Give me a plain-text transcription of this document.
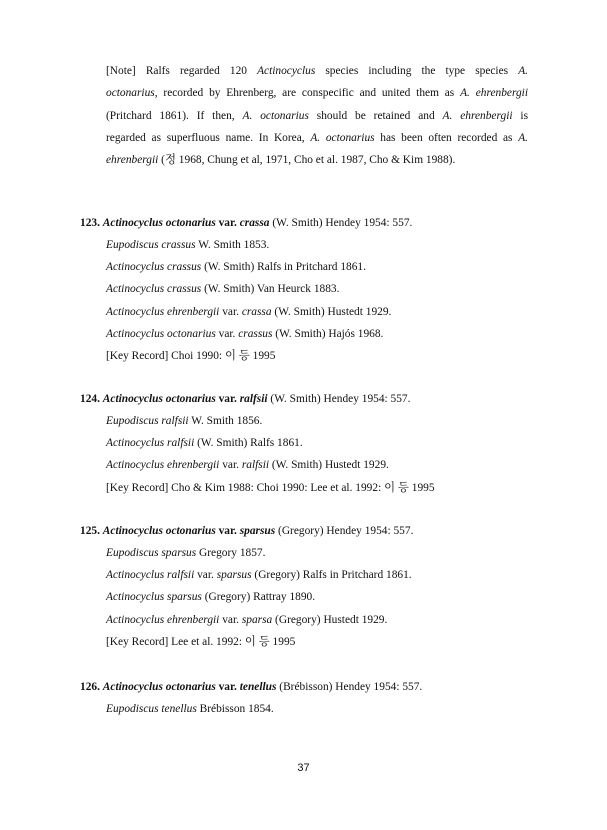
[Note] Ralfs regarded 120 Actinocyclus species including the type species A.
octonarius, recorded by Ehrenberg, are conspecific and united them as A. ehrenbergii
(Pritchard 1861). If then, A. octonarius should be retained and A. ehrenbergii is
regarded as superfluous name. In Korea, A. octonarius has been often recorded as A.
ehrenbergii (정 1968, Chung et al, 1971, Cho et al. 1987, Cho & Kim 1988).
123. Actinocyclus octonarius var. crassa (W. Smith) Hendey 1954: 557.
Eupodiscus crassus W. Smith 1853.
Actinocyclus crassus (W. Smith) Ralfs in Pritchard 1861.
Actinocyclus crassus (W. Smith) Van Heurck 1883.
Actinocyclus ehrenbergii var. crassa (W. Smith) Hustedt 1929.
Actinocyclus octonarius var. crassus (W. Smith) Hajós 1968.
[Key Record] Choi 1990: 이 등 1995
124. Actinocyclus octonarius var. ralfsii (W. Smith) Hendey 1954: 557.
Eupodiscus ralfsii W. Smith 1856.
Actinocyclus ralfsii (W. Smith) Ralfs 1861.
Actinocyclus ehrenbergii var. ralfsii (W. Smith) Hustedt 1929.
[Key Record] Cho & Kim 1988: Choi 1990: Lee et al. 1992: 이 등 1995
125. Actinocyclus octonarius var. sparsus (Gregory) Hendey 1954: 557.
Eupodiscus sparsus Gregory 1857.
Actinocyclus ralfsii var. sparsus (Gregory) Ralfs in Pritchard 1861.
Actinocyclus sparsus (Gregory) Rattray 1890.
Actinocyclus ehrenbergii var. sparsa (Gregory) Hustedt 1929.
[Key Record] Lee et al. 1992: 이 등 1995
126. Actinocyclus octonarius var. tenellus (Brébisson) Hendey 1954: 557.
Eupodiscus tenellus Brébisson 1854.
37
